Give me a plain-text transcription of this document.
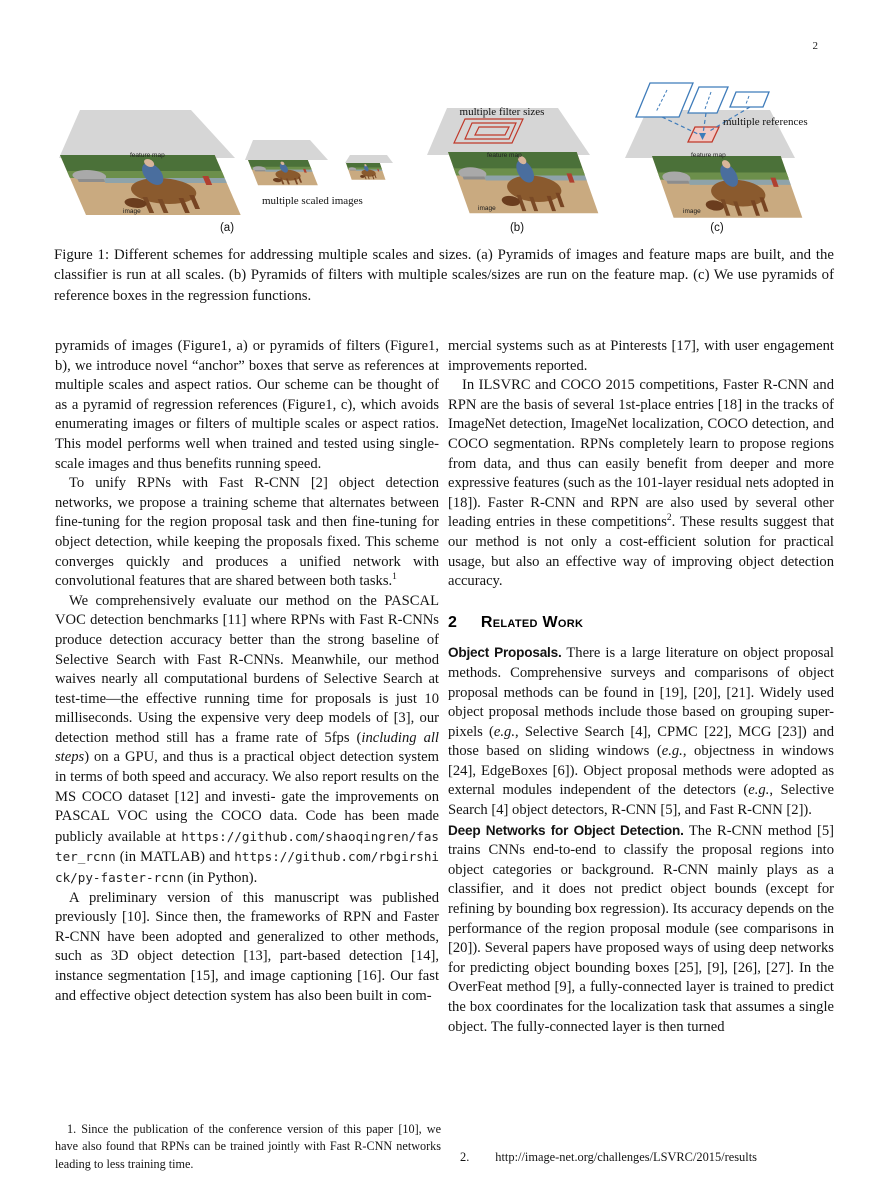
2
feature map
image
multiple scaled images
(a)
multiple filter sizes
feature map
image
(b)
multiple references
feature map
image
(c)
Figure 1: Different schemes for addressing multiple scales and sizes. (a) Pyramids of images and feature maps are built, and the classifier is run at all scales. (b) Pyramids of filters with multiple scales/sizes are run on the feature map. (c) We use pyramids of reference boxes in the regression functions.

pyramids of images (Figure1, a) or pyramids of filters (Figure1, b), we introduce novel “anchor” boxes that serve as references at multiple scales and aspect ratios. Our scheme can be thought of as a pyramid of regression references (Figure1, c), which avoids enumerating images or filters of multiple scales or aspect ratios. This model performs well when trained and tested using single-scale images and thus benefits running speed.

To unify RPNs with Fast R-CNN [2] object detection networks, we propose a training scheme that alternates between fine-tuning for the region proposal task and then fine-tuning for object detection, while keeping the proposals fixed. This scheme converges quickly and produces a unified network with convolutional features that are shared between both tasks.$^1$

We comprehensively evaluate our method on the PASCAL VOC detection benchmarks [11] where RPNs with Fast R-CNNs produce detection accuracy better than the strong baseline of Selective Search with Fast R-CNNs. Meanwhile, our method waives nearly all computational burdens of Selective Search at test-time—the effective running time for proposals is just 10 milliseconds. Using the expensive very deep models of [3], our detection method still has a frame rate of 5fps (including all steps) on a GPU, and thus is a practical object detection system in terms of both speed and accuracy. We also report results on the MS COCO dataset [12] and investi- gate the improvements on PASCAL VOC using the COCO data. Code has been made publicly available at https://github.com/shaoqingren/faster_rcnn (in MATLAB) and https://github.com/rbgirshick/py-faster-rcnn (in Python).

A preliminary version of this manuscript was published previously [10]. Since then, the frameworks of RPN and Faster R-CNN have been adopted and generalized to other methods, such as 3D object detection [13], part-based detection [14], instance segmentation [15], and image captioning [16]. Our fast and effective object detection system has also been built in com-

1. Since the publication of the conference version of this paper [10], we have also found that RPNs can be trained jointly with Fast R-CNN networks leading to less training time.

mercial systems such as at Pinterests [17], with user engagement improvements reported.

In ILSVRC and COCO 2015 competitions, Faster R-CNN and RPN are the basis of several 1st-place entries [18] in the tracks of ImageNet detection, ImageNet localization, COCO detection, and COCO segmentation. RPNs completely learn to propose regions from data, and thus can easily benefit from deeper and more expressive features (such as the 101-layer residual nets adopted in [18]). Faster R-CNN and RPN are also used by several other leading entries in these competitions$^2$. These results suggest that our method is not only a cost-efficient solution for practical usage, but also an effective way of improving object detection accuracy.

2 Related Work

Object Proposals. There is a large literature on object proposal methods. Comprehensive surveys and comparisons of object proposal methods can be found in [19], [20], [21]. Widely used object proposal methods include those based on grouping super-pixels (e.g., Selective Search [4], CPMC [22], MCG [23]) and those based on sliding windows (e.g., objectness in windows [24], EdgeBoxes [6]). Object proposal methods were adopted as external modules independent of the detectors (e.g., Selective Search [4] object detectors, R-CNN [5], and Fast R-CNN [2]).

Deep Networks for Object Detection. The R-CNN method [5] trains CNNs end-to-end to classify the proposal regions into object categories or background. R-CNN mainly plays as a classifier, and it does not predict object bounds (except for refining by bounding box regression). Its accuracy depends on the performance of the region proposal module (see comparisons in [20]). Several papers have proposed ways of using deep networks for predicting object bounding boxes [25], [9], [26], [27]. In the OverFeat method [9], a fully-connected layer is trained to predict the box coordinates for the localization task that assumes a single object. The fully-connected layer is then turned

2. http://image-net.org/challenges/LSVRC/2015/results
